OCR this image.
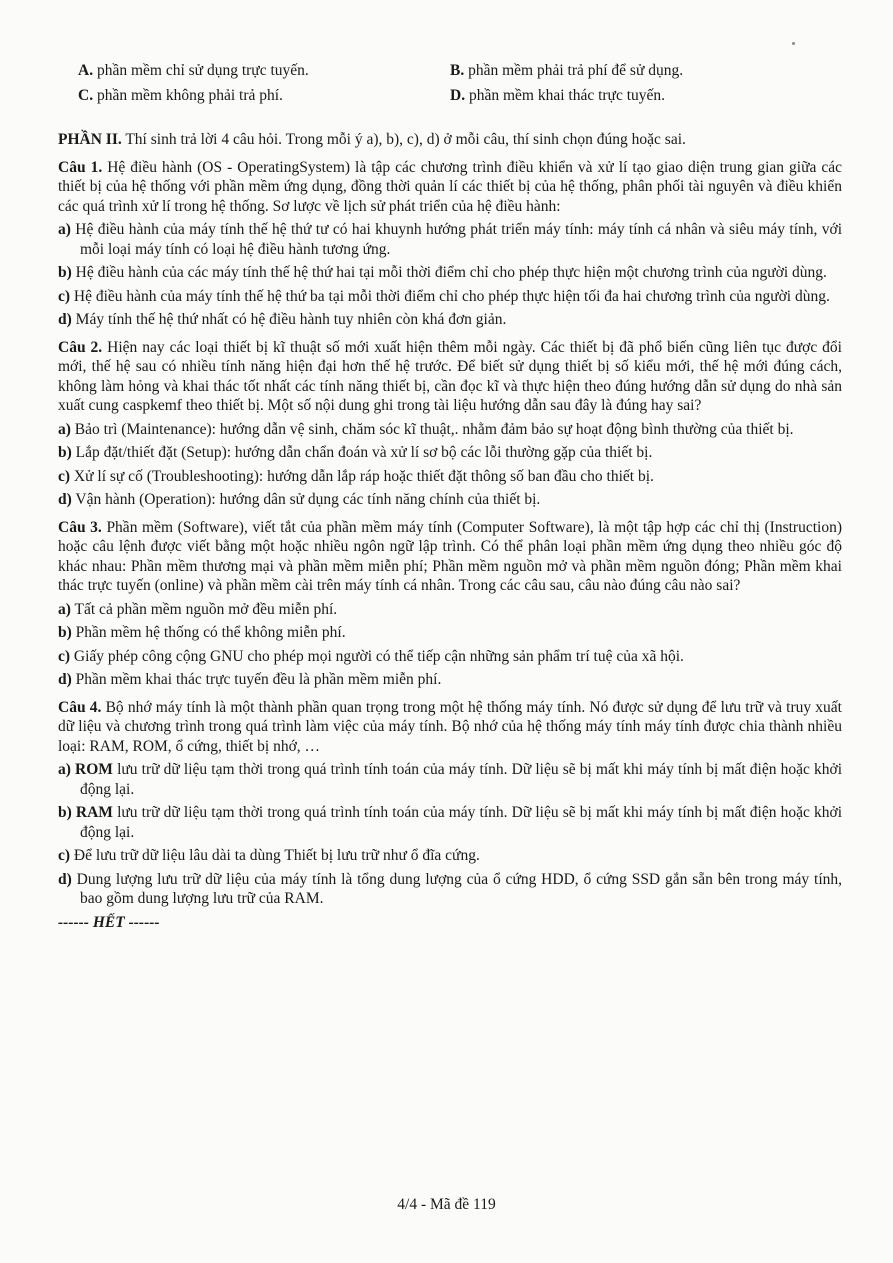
A. phần mềm chỉ sử dụng trực tuyến.	B. phần mềm phải trả phí để sử dụng.
C. phần mềm không phải trả phí.	D. phần mềm khai thác trực tuyến.

PHẦN II. Thí sinh trả lời 4 câu hỏi. Trong mỗi ý a), b), c), d) ở mỗi câu, thí sinh chọn đúng hoặc sai.

Câu 1. Hệ điều hành (OS - OperatingSystem) là tập các chương trình điều khiển và xử lí tạo giao diện trung gian giữa các thiết bị của hệ thống với phần mềm ứng dụng, đồng thời quản lí các thiết bị của hệ thống, phân phối tài nguyên và điều khiển các quá trình xử lí trong hệ thống. Sơ lược về lịch sử phát triển của hệ điều hành:

a) Hệ điều hành của máy tính thế hệ thứ tư có hai khuynh hướng phát triển máy tính: máy tính cá nhân và siêu máy tính, với mỗi loại máy tính có loại hệ điều hành tương ứng.

b) Hệ điều hành của các máy tính thế hệ thứ hai tại mỗi thời điểm chỉ cho phép thực hiện một chương trình của người dùng.

c) Hệ điều hành của máy tính thế hệ thứ ba tại mỗi thời điểm chỉ cho phép thực hiện tối đa hai chương trình của người dùng.

d) Máy tính thế hệ thứ nhất có hệ điều hành tuy nhiên còn khá đơn giản.

Câu 2. Hiện nay các loại thiết bị kĩ thuật số mới xuất hiện thêm mỗi ngày. Các thiết bị đã phổ biến cũng liên tục được đổi mới, thế hệ sau có nhiều tính năng hiện đại hơn thế hệ trước. Để biết sử dụng thiết bị số kiểu mới, thế hệ mới đúng cách, không làm hỏng và khai thác tốt nhất các tính năng thiết bị, cần đọc kĩ và thực hiện theo đúng hướng dẫn sử dụng do nhà sản xuất cung caspkemf theo thiết bị. Một số nội dung ghi trong tài liệu hướng dẫn sau đây là đúng hay sai?

a) Bảo trì (Maintenance): hướng dẫn vệ sinh, chăm sóc kĩ thuật,. nhằm đảm bảo sự hoạt động bình thường của thiết bị.

b) Lắp đặt/thiết đặt (Setup): hướng dẫn chẩn đoán và xử lí sơ bộ các lỗi thường gặp của thiết bị.

c) Xử lí sự cố (Troubleshooting): hướng dẫn lắp ráp hoặc thiết đặt thông số ban đầu cho thiết bị.

d) Vận hành (Operation): hướng dân sử dụng các tính năng chính của thiết bị.

Câu 3. Phần mềm (Software), viết tắt của phần mềm máy tính (Computer Software), là một tập hợp các chỉ thị (Instruction) hoặc câu lệnh được viết bằng một hoặc nhiều ngôn ngữ lập trình. Có thể phân loại phần mềm ứng dụng theo nhiều góc độ khác nhau: Phần mềm thương mại và phần mềm miễn phí; Phần mềm nguồn mở và phần mềm nguồn đóng; Phần mềm khai thác trực tuyến (online) và phần mềm cài trên máy tính cá nhân. Trong các câu sau, câu nào đúng câu nào sai?

a) Tất cả phần mềm nguồn mở đều miễn phí.

b) Phần mềm hệ thống có thể không miễn phí.

c) Giấy phép công cộng GNU cho phép mọi người có thể tiếp cận những sản phẩm trí tuệ của xã hội.

d) Phần mềm khai thác trực tuyến đều là phần mềm miễn phí.

Câu 4. Bộ nhớ máy tính là một thành phần quan trọng trong một hệ thống máy tính. Nó được sử dụng để lưu trữ và truy xuất dữ liệu và chương trình trong quá trình làm việc của máy tính. Bộ nhớ của hệ thống máy tính máy tính được chia thành nhiều loại: RAM, ROM, ổ cứng, thiết bị nhớ, …

a) ROM lưu trữ dữ liệu tạm thời trong quá trình tính toán của máy tính. Dữ liệu sẽ bị mất khi máy tính bị mất điện hoặc khởi động lại.

b) RAM lưu trữ dữ liệu tạm thời trong quá trình tính toán của máy tính. Dữ liệu sẽ bị mất khi máy tính bị mất điện hoặc khởi động lại.

c) Để lưu trữ dữ liệu lâu dài ta dùng Thiết bị lưu trữ như ổ đĩa cứng.

d) Dung lượng lưu trữ dữ liệu của máy tính là tổng dung lượng của ổ cứng HDD, ổ cứng SSD gắn sẵn bên trong máy tính, bao gồm dung lượng lưu trữ của RAM.

------ HẾT ------

4/4 - Mã đề 119
